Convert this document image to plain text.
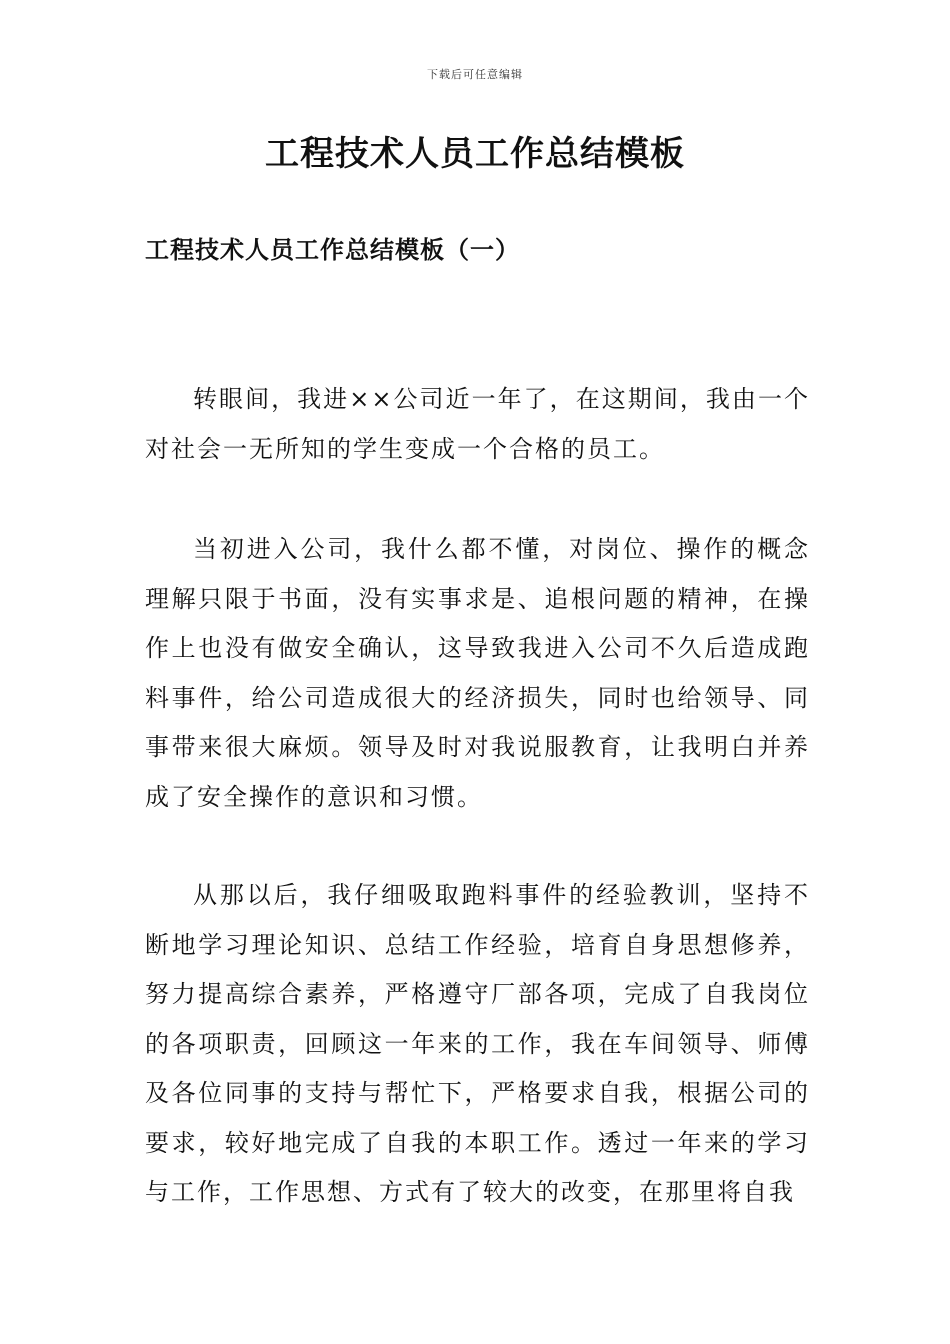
下载后可任意编辑
工程技术人员工作总结模板
工程技术人员工作总结模板（一）

转眼间，我进××公司近一年了，在这期间，我由一个对社会一无所知的学生变成一个合格的员工。

当初进入公司，我什么都不懂，对岗位、操作的概念理解只限于书面，没有实事求是、追根问题的精神，在操作上也没有做安全确认，这导致我进入公司不久后造成跑料事件，给公司造成很大的经济损失，同时也给领导、同事带来很大麻烦。领导及时对我说服教育，让我明白并养成了安全操作的意识和习惯。

从那以后，我仔细吸取跑料事件的经验教训，坚持不断地学习理论知识、总结工作经验，培育自身思想修养，努力提高综合素养，严格遵守厂部各项，完成了自我岗位的各项职责，回顾这一年来的工作，我在车间领导、师傅及各位同事的支持与帮忙下，严格要求自我，根据公司的要求，较好地完成了自我的本职工作。透过一年来的学习与工作，工作思想、方式有了较大的改变，在那里将自我
